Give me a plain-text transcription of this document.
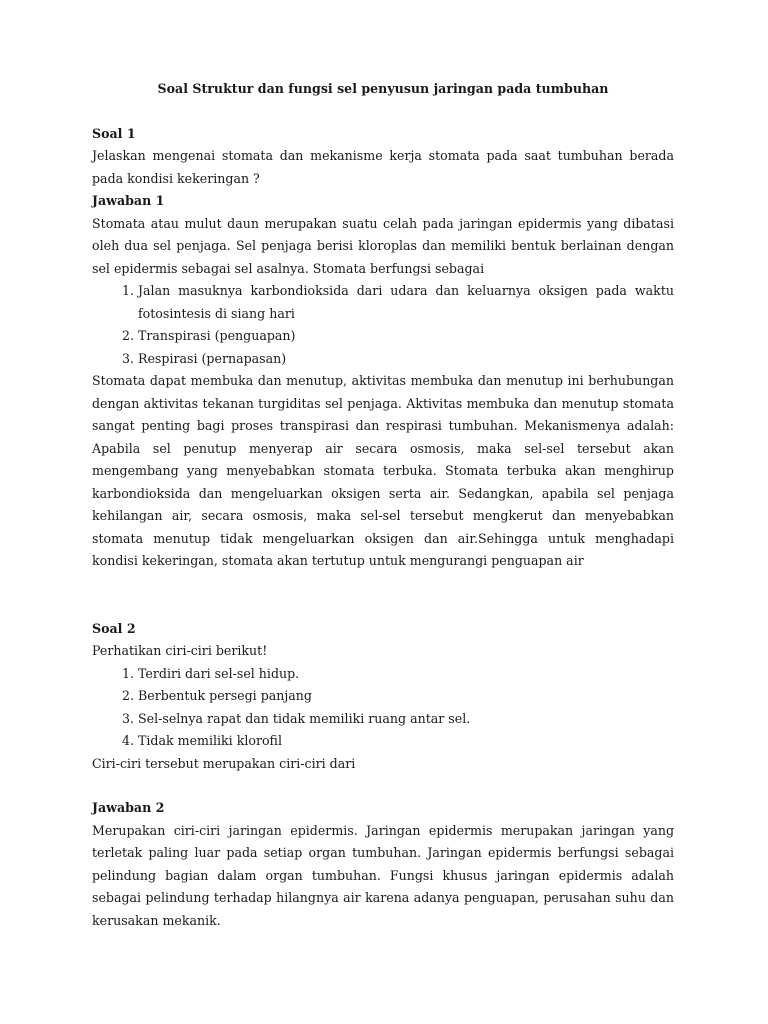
Soal Struktur dan fungsi sel penyusun jaringan pada tumbuhan

Soal 1

Jelaskan mengenai stomata dan mekanisme kerja stomata pada saat tumbuhan berada pada kondisi kekeringan ?

Jawaban 1

Stomata atau mulut daun merupakan suatu celah pada jaringan epidermis yang dibatasi oleh dua sel penjaga. Sel penjaga berisi kloroplas dan memiliki bentuk berlainan dengan sel epidermis sebagai sel asalnya. Stomata berfungsi sebagai

1. Jalan masuknya karbondioksida dari udara dan keluarnya oksigen pada waktu fotosintesis di siang hari
2. Transpirasi (penguapan)
3. Respirasi (pernapasan)

Stomata dapat membuka dan menutup, aktivitas membuka dan menutup ini berhubungan dengan aktivitas tekanan turgiditas sel penjaga. Aktivitas membuka dan menutup stomata sangat penting bagi proses transpirasi dan respirasi tumbuhan. Mekanismenya adalah: Apabila sel penutup menyerap air secara osmosis, maka sel-sel tersebut akan mengembang yang menyebabkan stomata terbuka. Stomata terbuka akan menghirup karbondioksida dan mengeluarkan oksigen serta air. Sedangkan, apabila sel penjaga kehilangan air, secara osmosis, maka sel-sel tersebut mengkerut dan menyebabkan stomata menutup tidak mengeluarkan oksigen dan air.Sehingga untuk menghadapi kondisi kekeringan, stomata akan tertutup untuk mengurangi penguapan air

Soal 2

Perhatikan ciri-ciri berikut!

1. Terdiri dari sel-sel hidup.
2. Berbentuk persegi panjang
3. Sel-selnya rapat dan tidak memiliki ruang antar sel.
4. Tidak memiliki klorofil

Ciri-ciri tersebut merupakan ciri-ciri dari

Jawaban 2

Merupakan ciri-ciri jaringan epidermis. Jaringan epidermis merupakan jaringan yang terletak paling luar pada setiap organ tumbuhan. Jaringan epidermis berfungsi sebagai pelindung bagian dalam organ tumbuhan. Fungsi khusus jaringan epidermis adalah sebagai pelindung terhadap hilangnya air karena adanya penguapan, perusahan suhu dan kerusakan mekanik.
